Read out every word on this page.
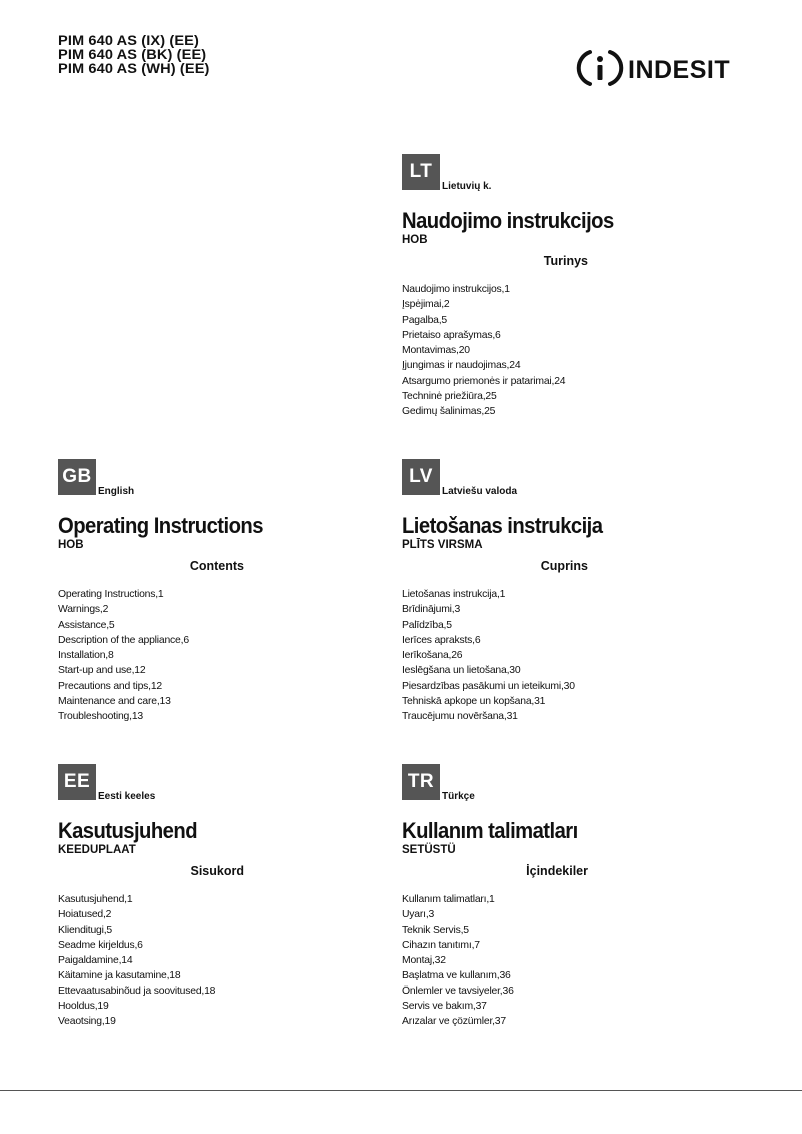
PIM 640 AS (IX) (EE)
PIM 640 AS (BK) (EE)
PIM 640 AS (WH) (EE)	INDESIT
LT
Lietuvių k.
Naudojimo instrukcijos
HOB
Turinys
Naudojimo instrukcijos,1
Įspėjimai,2
Pagalba,5
Prietaiso aprašymas,6
Montavimas,20
Įjungimas ir naudojimas,24
Atsargumo priemonės ir patarimai,24
Techninė priežiūra,25
Gedimų šalinimas,25
GB
English
Operating Instructions
HOB
Contents
Operating Instructions,1
Warnings,2
Assistance,5
Description of the appliance,6
Installation,8
Start-up and use,12
Precautions and tips,12
Maintenance and care,13
Troubleshooting,13
LV
Latviešu valoda
Lietošanas instrukcija
PLĪTS VIRSMA
Cuprins
Lietošanas instrukcija,1
Brīdinājumi,3
Palīdzība,5
Ierīces apraksts,6
Ierīkošana,26
Ieslēgšana un lietošana,30
Piesardzības pasākumi un ieteikumi,30
Tehniskā apkope un kopšana,31
Traucējumu novēršana,31
EE
Eesti keeles
Kasutusjuhend
KEEDUPLAAT
Sisukord
Kasutusjuhend,1
Hoiatused,2
Klienditugi,5
Seadme kirjeldus,6
Paigaldamine,14
Käitamine ja kasutamine,18
Ettevaatusabinõud ja soovitused,18
Hooldus,19
Veaotsing,19
TR
Türkçe
Kullanım talimatları
SETÜSTÜ
İçindekiler
Kullanım talimatları,1
Uyarı,3
Teknik Servis,5
Cihazın tanıtımı,7
Montaj,32
Başlatma ve kullanım,36
Önlemler ve tavsiyeler,36
Servis ve bakım,37
Arızalar ve çözümler,37
